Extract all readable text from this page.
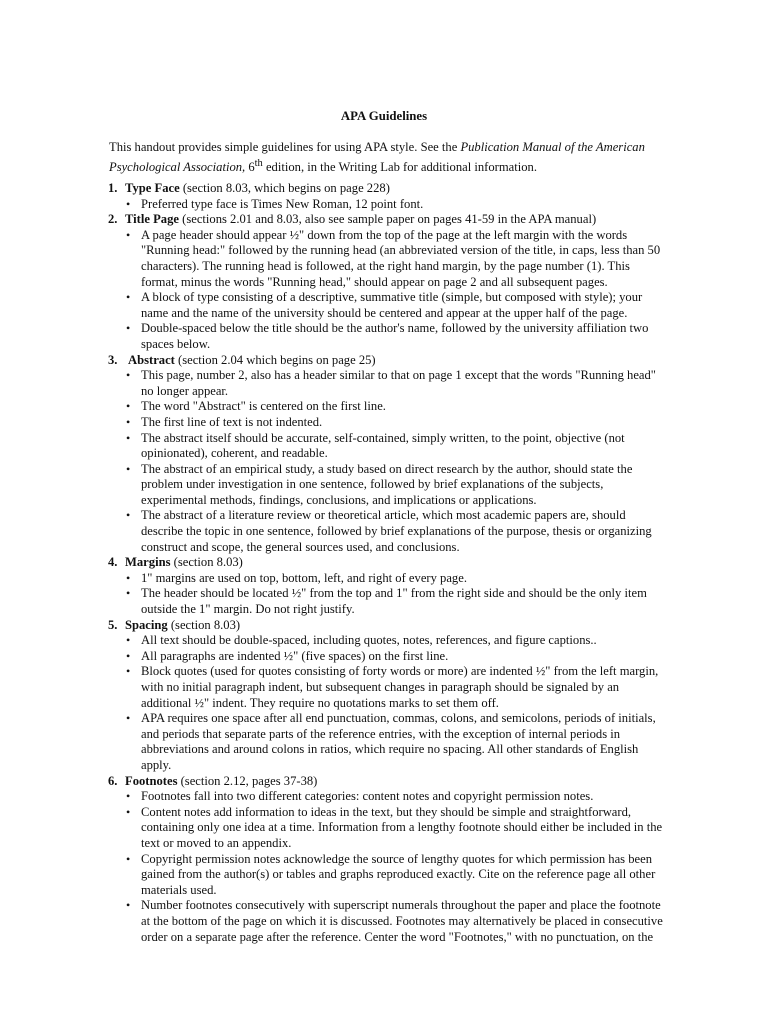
APA Guidelines

This handout provides simple guidelines for using APA style. See the Publication Manual of the American Psychological Association, 6th edition, in the Writing Lab for additional information.

1. Type Face (section 8.03, which begins on page 228)
• Preferred type face is Times New Roman, 12 point font.
2. Title Page (sections 2.01 and 8.03, also see sample paper on pages 41-59 in the APA manual)
• A page header should appear ½" down from the top of the page at the left margin with the words "Running head:" followed by the running head (an abbreviated version of the title, in caps, less than 50 characters). The running head is followed, at the right hand margin, by the page number (1). This format, minus the words "Running head," should appear on page 2 and all subsequent pages.
• A block of type consisting of a descriptive, summative title (simple, but composed with style); your name and the name of the university should be centered and appear at the upper half of the page.
• Double-spaced below the title should be the author's name, followed by the university affiliation two spaces below.
3. Abstract (section 2.04 which begins on page 25)
• This page, number 2, also has a header similar to that on page 1 except that the words "Running head" no longer appear.
• The word "Abstract" is centered on the first line.
• The first line of text is not indented.
• The abstract itself should be accurate, self-contained, simply written, to the point, objective (not opinionated), coherent, and readable.
• The abstract of an empirical study, a study based on direct research by the author, should state the problem under investigation in one sentence, followed by brief explanations of the subjects, experimental methods, findings, conclusions, and implications or applications.
• The abstract of a literature review or theoretical article, which most academic papers are, should describe the topic in one sentence, followed by brief explanations of the purpose, thesis or organizing construct and scope, the general sources used, and conclusions.
4. Margins (section 8.03)
• 1" margins are used on top, bottom, left, and right of every page.
• The header should be located ½" from the top and 1" from the right side and should be the only item outside the 1" margin. Do not right justify.
5. Spacing (section 8.03)
• All text should be double-spaced, including quotes, notes, references, and figure captions..
• All paragraphs are indented ½" (five spaces) on the first line.
• Block quotes (used for quotes consisting of forty words or more) are indented ½" from the left margin, with no initial paragraph indent, but subsequent changes in paragraph should be signaled by an additional ½" indent. They require no quotations marks to set them off.
• APA requires one space after all end punctuation, commas, colons, and semicolons, periods of initials, and periods that separate parts of the reference entries, with the exception of internal periods in abbreviations and around colons in ratios, which require no spacing. All other standards of English apply.
6. Footnotes (section 2.12, pages 37-38)
• Footnotes fall into two different categories: content notes and copyright permission notes.
• Content notes add information to ideas in the text, but they should be simple and straightforward, containing only one idea at a time. Information from a lengthy footnote should either be included in the text or moved to an appendix.
• Copyright permission notes acknowledge the source of lengthy quotes for which permission has been gained from the author(s) or tables and graphs reproduced exactly. Cite on the reference page all other materials used.
• Number footnotes consecutively with superscript numerals throughout the paper and place the footnote at the bottom of the page on which it is discussed. Footnotes may alternatively be placed in consecutive order on a separate page after the reference. Center the word "Footnotes," with no punctuation, on the
